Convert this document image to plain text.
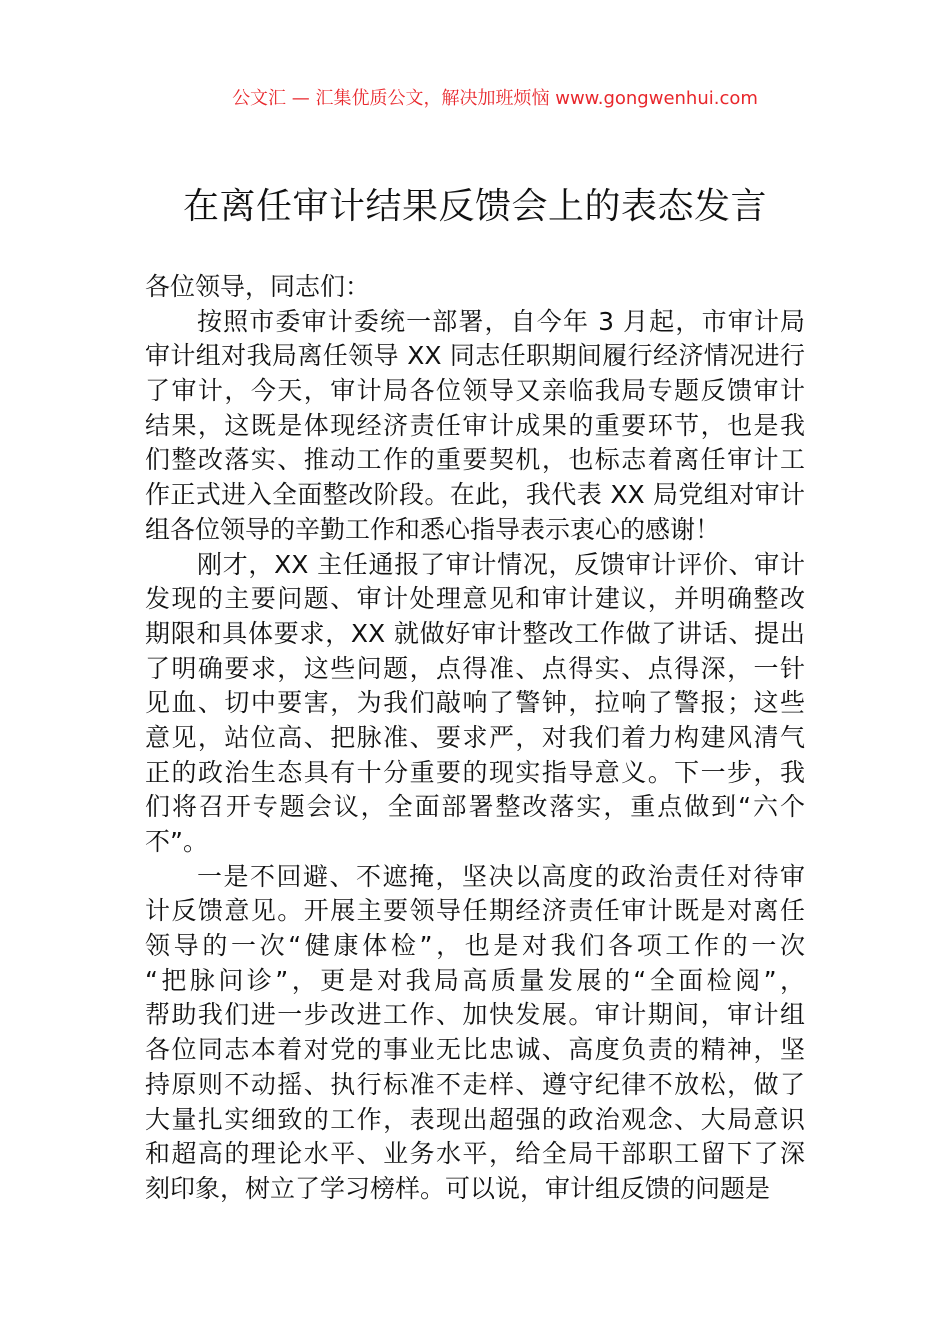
公文汇 — 汇集优质公文，解决加班烦恼 www.gongwenhui.com
在离任审计结果反馈会上的表态发言
各位领导，同志们：
按照市委审计委统一部署，自今年 3 月起，市审计局
审计组对我局离任领导 XX 同志任职期间履行经济情况进行
了审计，今天，审计局各位领导又亲临我局专题反馈审计
结果，这既是体现经济责任审计成果的重要环节，也是我
们整改落实、推动工作的重要契机，也标志着离任审计工
作正式进入全面整改阶段。在此，我代表 XX 局党组对审计
组各位领导的辛勤工作和悉心指导表示衷心的感谢！
刚才，XX 主任通报了审计情况，反馈审计评价、审计
发现的主要问题、审计处理意见和审计建议，并明确整改
期限和具体要求，XX 就做好审计整改工作做了讲话、提出
了明确要求，这些问题，点得准、点得实、点得深，一针
见血、切中要害，为我们敲响了警钟，拉响了警报；这些
意见，站位高、把脉准、要求严，对我们着力构建风清气
正的政治生态具有十分重要的现实指导意义。下一步，我
们将召开专题会议，全面部署整改落实，重点做到“六个
不”。
一是不回避、不遮掩，坚决以高度的政治责任对待审
计反馈意见。开展主要领导任期经济责任审计既是对离任
领导的一次“健康体检”，也是对我们各项工作的一次
“把脉问诊”，更是对我局高质量发展的“全面检阅”，
帮助我们进一步改进工作、加快发展。审计期间，审计组
各位同志本着对党的事业无比忠诚、高度负责的精神，坚
持原则不动摇、执行标准不走样、遵守纪律不放松，做了
大量扎实细致的工作，表现出超强的政治观念、大局意识
和超高的理论水平、业务水平，给全局干部职工留下了深
刻印象，树立了学习榜样。可以说，审计组反馈的问题是
